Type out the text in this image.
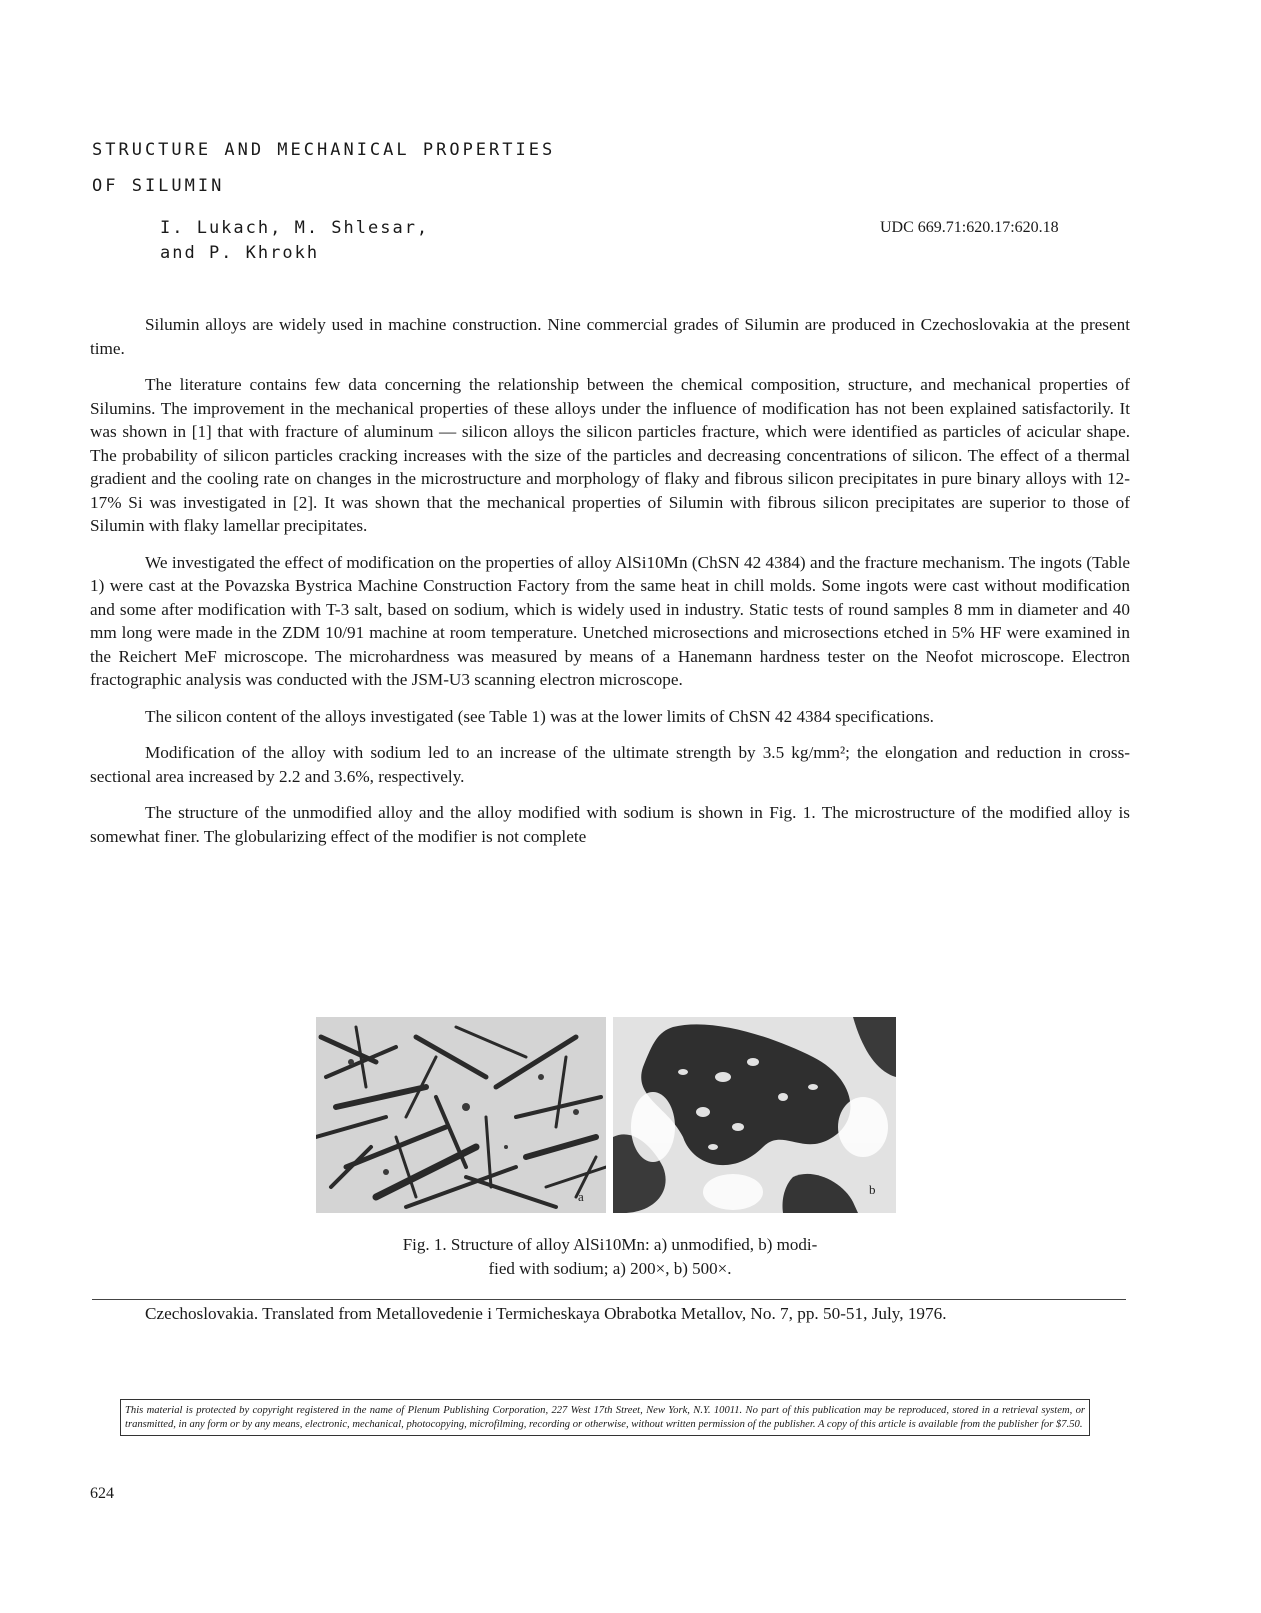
STRUCTURE AND MECHANICAL PROPERTIES
OF SILUMIN
I. Lukach, M. Shlesar,
and P. Khrokh
UDC 669.71:620.17:620.18

Silumin alloys are widely used in machine construction. Nine commercial grades of Silumin are produced in Czechoslovakia at the present time.

The literature contains few data concerning the relationship between the chemical composition, structure, and mechanical properties of Silumins. The improvement in the mechanical properties of these alloys under the influence of modification has not been explained satisfactorily. It was shown in [1] that with fracture of aluminum — silicon alloys the silicon particles fracture, which were identified as particles of acicular shape. The probability of silicon particles cracking increases with the size of the particles and decreasing concentrations of silicon. The effect of a thermal gradient and the cooling rate on changes in the microstructure and morphology of flaky and fibrous silicon precipitates in pure binary alloys with 12-17% Si was investigated in [2]. It was shown that the mechanical properties of Silumin with fibrous silicon precipitates are superior to those of Silumin with flaky lamellar precipitates.

We investigated the effect of modification on the properties of alloy AlSi10Mn (ChSN 42 4384) and the fracture mechanism. The ingots (Table 1) were cast at the Povazska Bystrica Machine Construction Factory from the same heat in chill molds. Some ingots were cast without modification and some after modification with T-3 salt, based on sodium, which is widely used in industry. Static tests of round samples 8 mm in diameter and 40 mm long were made in the ZDM 10/91 machine at room temperature. Unetched microsections and microsections etched in 5% HF were examined in the Reichert MeF microscope. The microhardness was measured by means of a Hanemann hardness tester on the Neofot microscope. Electron fractographic analysis was conducted with the JSM-U3 scanning electron microscope.

The silicon content of the alloys investigated (see Table 1) was at the lower limits of ChSN 42 4384 specifications.

Modification of the alloy with sodium led to an increase of the ultimate strength by 3.5 kg/mm²; the elongation and reduction in cross-sectional area increased by 2.2 and 3.6%, respectively.

The structure of the unmodified alloy and the alloy modified with sodium is shown in Fig. 1. The microstructure of the modified alloy is somewhat finer. The globularizing effect of the modifier is not complete

a	b
Fig. 1. Structure of alloy AlSi10Mn: a) unmodified, b) modi-
fied with sodium; a) 200×, b) 500×.

Czechoslovakia. Translated from Metallovedenie i Termicheskaya Obrabotka Metallov, No. 7, pp. 50-51, July, 1976.

This material is protected by copyright registered in the name of Plenum Publishing Corporation, 227 West 17th Street, New York, N.Y. 10011. No part of this publication may be reproduced, stored in a retrieval system, or transmitted, in any form or by any means, electronic, mechanical, photocopying, microfilming, recording or otherwise, without written permission of the publisher. A copy of this article is available from the publisher for $7.50.
624
